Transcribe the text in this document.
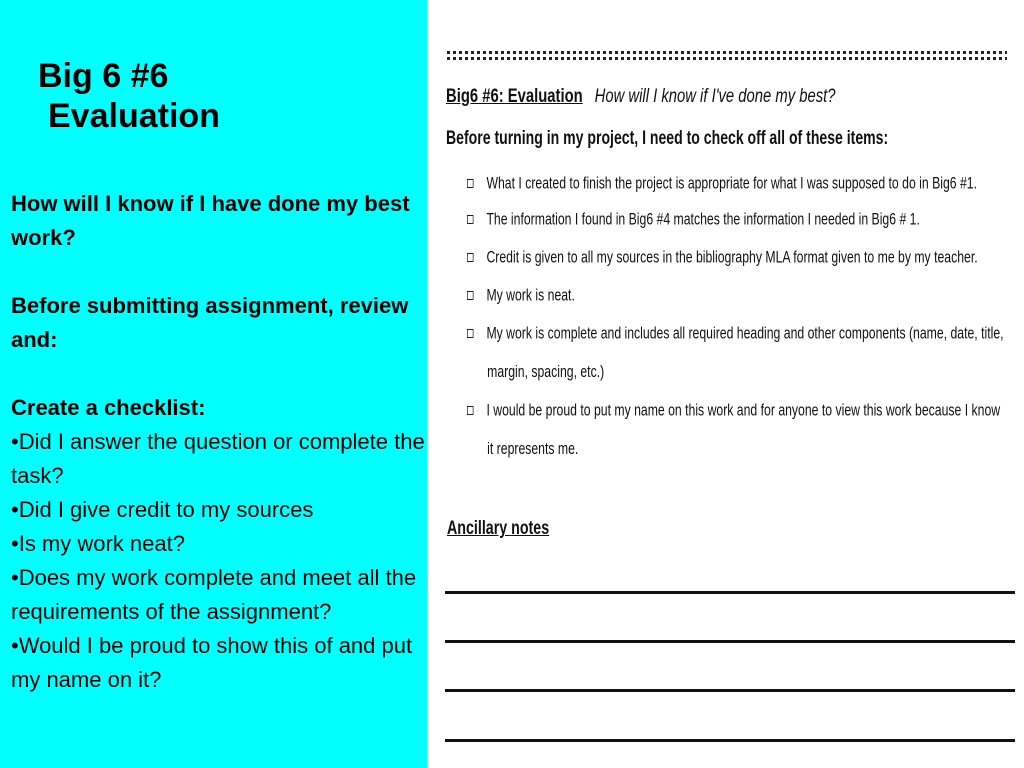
Big 6 #6
Evaluation

How will I know if I have done my best work?

Before submitting assignment, review and:

Create a checklist:

•Did I answer the question or complete the task?

•Did I give credit to my sources

•Is my work neat?

•Does my work complete and meet all the requirements of the assignment?

•Would I be proud to show this of and put my name on it?

Big6 #6: Evaluation How will I know if I've done my best?
Before turning in my project, I need to check off all of these items:
What I created to finish the project is appropriate for what I was supposed to do in Big6 #1.
The information I found in Big6 #4 matches the information I needed in Big6 # 1.
Credit is given to all my sources in the bibliography MLA format given to me by my teacher.
My work is neat.
My work is complete and includes all required heading and other components (name, date, title,
margin, spacing, etc.)
I would be proud to put my name on this work and for anyone to view this work because I know
it represents me.
Ancillary notes
